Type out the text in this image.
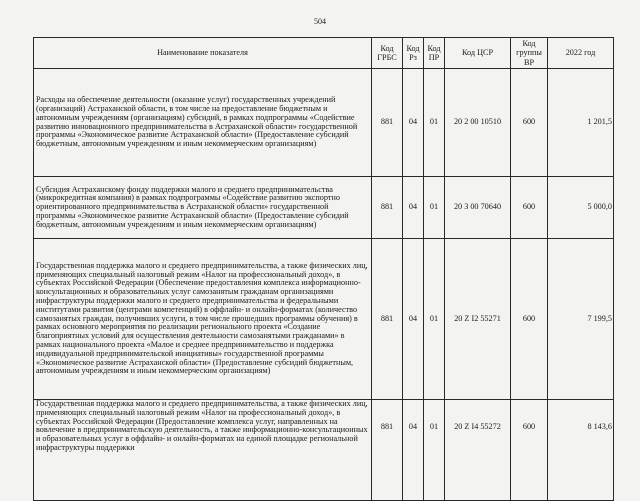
504
Наименование показателя	Код ГРБС	Код Рз	Код ПР	Код ЦСР	Код группы ВР	2022 год
Расходы на обеспечение деятельности (оказание услуг) государственных учреждений (организаций) Астраханской области, в том числе на предоставление бюджетным и автономным учреждениям (организациям) субсидий, в рамках подпрограммы «Содействие развитию инновационного предпринимательства в Астраханской области» государственной программы «Экономическое развитие Астраханской области» (Предоставление субсидий бюджетным, автономным учреждениям и иным некоммерческим организациям)	881	04	01	20 2 00 10510	600	1 201,5
Субсидия Астраханскому фонду поддержки малого и среднего предпринимательства (микрокредитная компания) в рамках подпрограммы «Содействие развитию экспортно ориентированного предпринимательства в Астраханской области» государственной программы «Экономическое развитие Астраханской области» (Предоставление субсидий бюджетным, автономным учреждениям и иным некоммерческим организациям)	881	04	01	20 3 00 70640	600	5 000,0
Государственная поддержка малого и среднего предпринимательства, а также физических лиц, применяющих специальный налоговый режим «Налог на профессиональный доход», в субъектах Российской Федерации (Обеспечение предоставления комплекса информационно-консультационных и образовательных услуг самозанятым гражданам организациями инфраструктуры поддержки малого и среднего предпринимательства и федеральными институтами развития (центрами компетенций) в оффлайн- и онлайн-форматах (количество самозанятых граждан, получивших услуги, в том числе прошедших программы обучения) в рамках основного мероприятия по реализации регионального проекта «Создание благоприятных условий для осуществления деятельности самозанятыми гражданами» в рамках национального проекта «Малое и среднее предпринимательство и поддержка индивидуальной предпринимательской инициативы» государственной программы «Экономическое развитие Астраханской области» (Предоставление субсидий бюджетным, автономным учреждениям и иным некоммерческим организациям)	881	04	01	20 Z I2 55271	600	7 199,5
Государственная поддержка малого и среднего предпринимательства, а также физических лиц, применяющих специальный налоговый режим «Налог на профессиональный доход», в субъектах Российской Федерации (Предоставление комплекса услуг, направленных на вовлечение в предпринимательскую деятельность, а также информационно-консультационных и образовательных услуг в оффлайн- и онлайн-форматах на единой площадке региональной инфраструктуры поддержки	881	04	01	20 Z I4 55272	600	8 143,6
